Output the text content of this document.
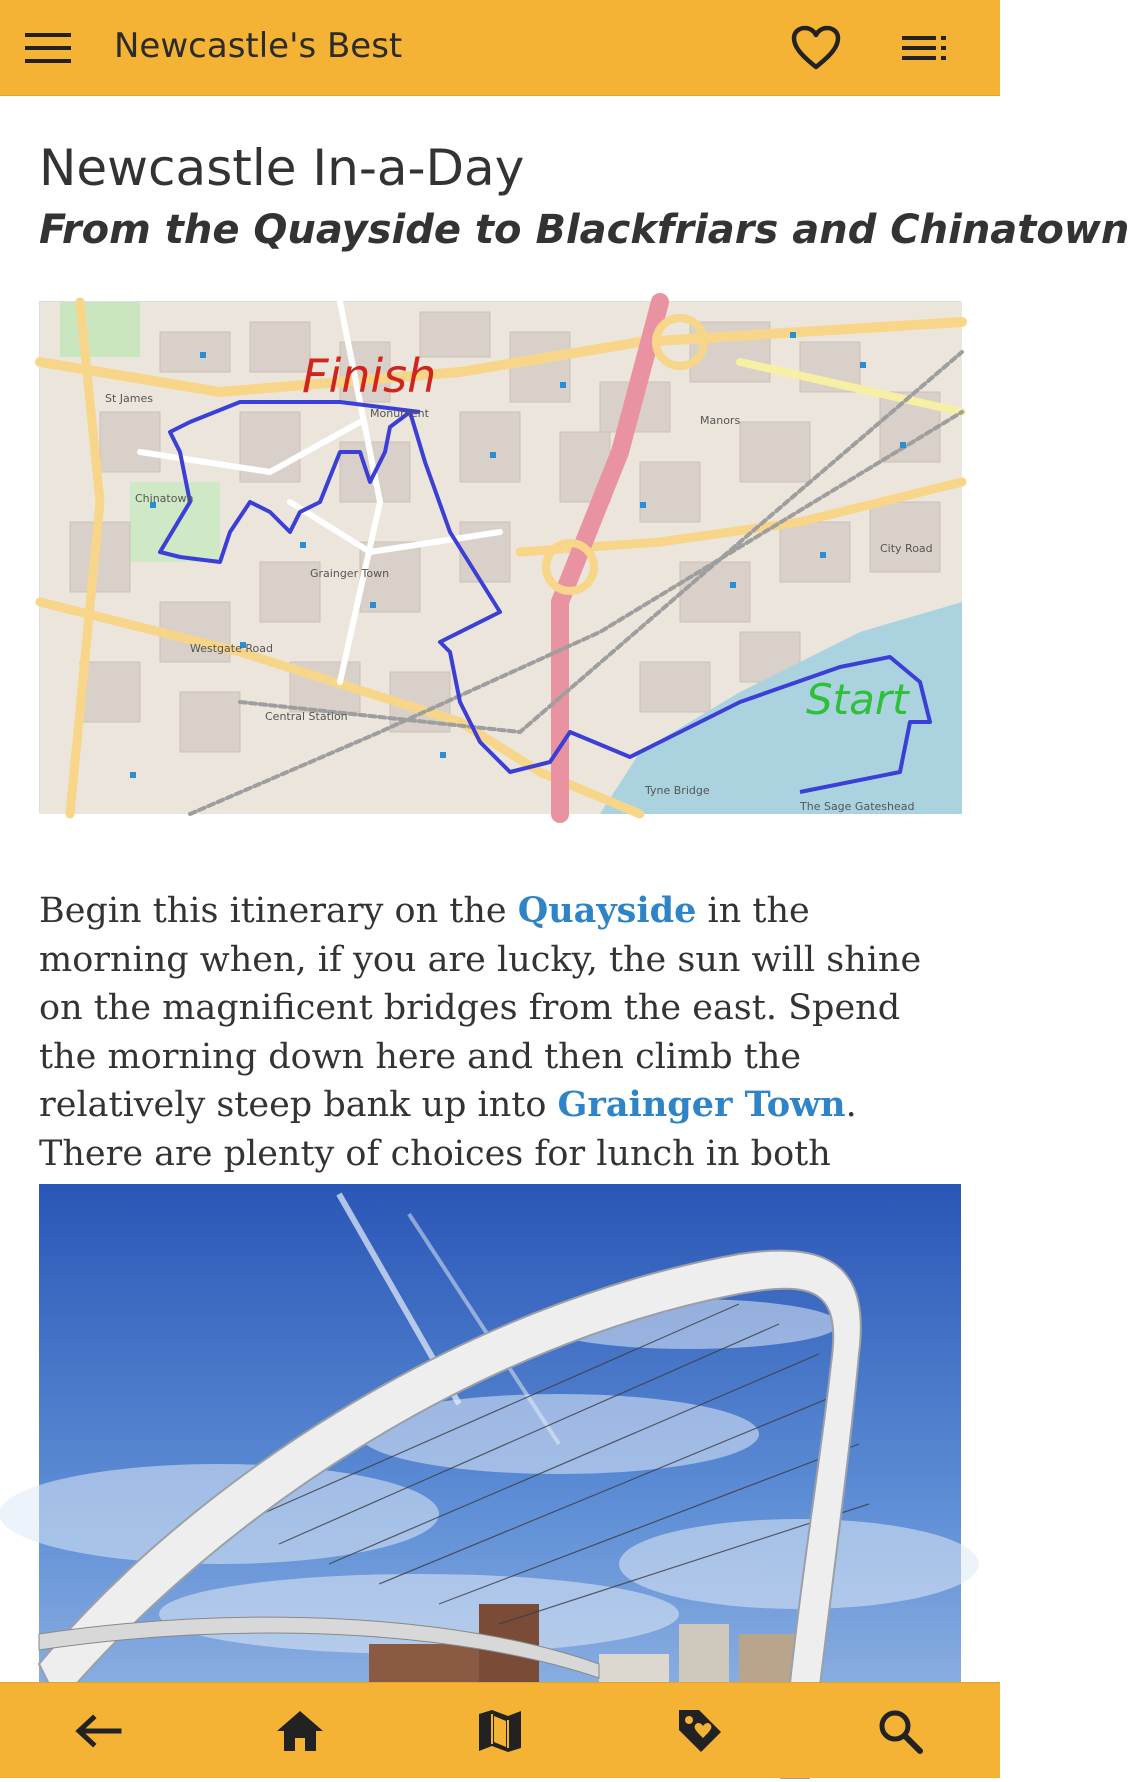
Newcastle's Best
Newcastle In-a-Day
From the Quayside to Blackfriars and Chinatown
Grainger Town
Chinatown
Central Station
Tyne Bridge
Manors
City Road
Westgate Road
Monument
The Sage Gateshead
St James	Finish
Start

Begin this itinerary on the Quayside in the morning when, if you are lucky, the sun will shine on the magnificent bridges from the east. Spend the morning down here and then climb the relatively steep bank up into Grainger Town. There are plenty of choices for lunch in both
